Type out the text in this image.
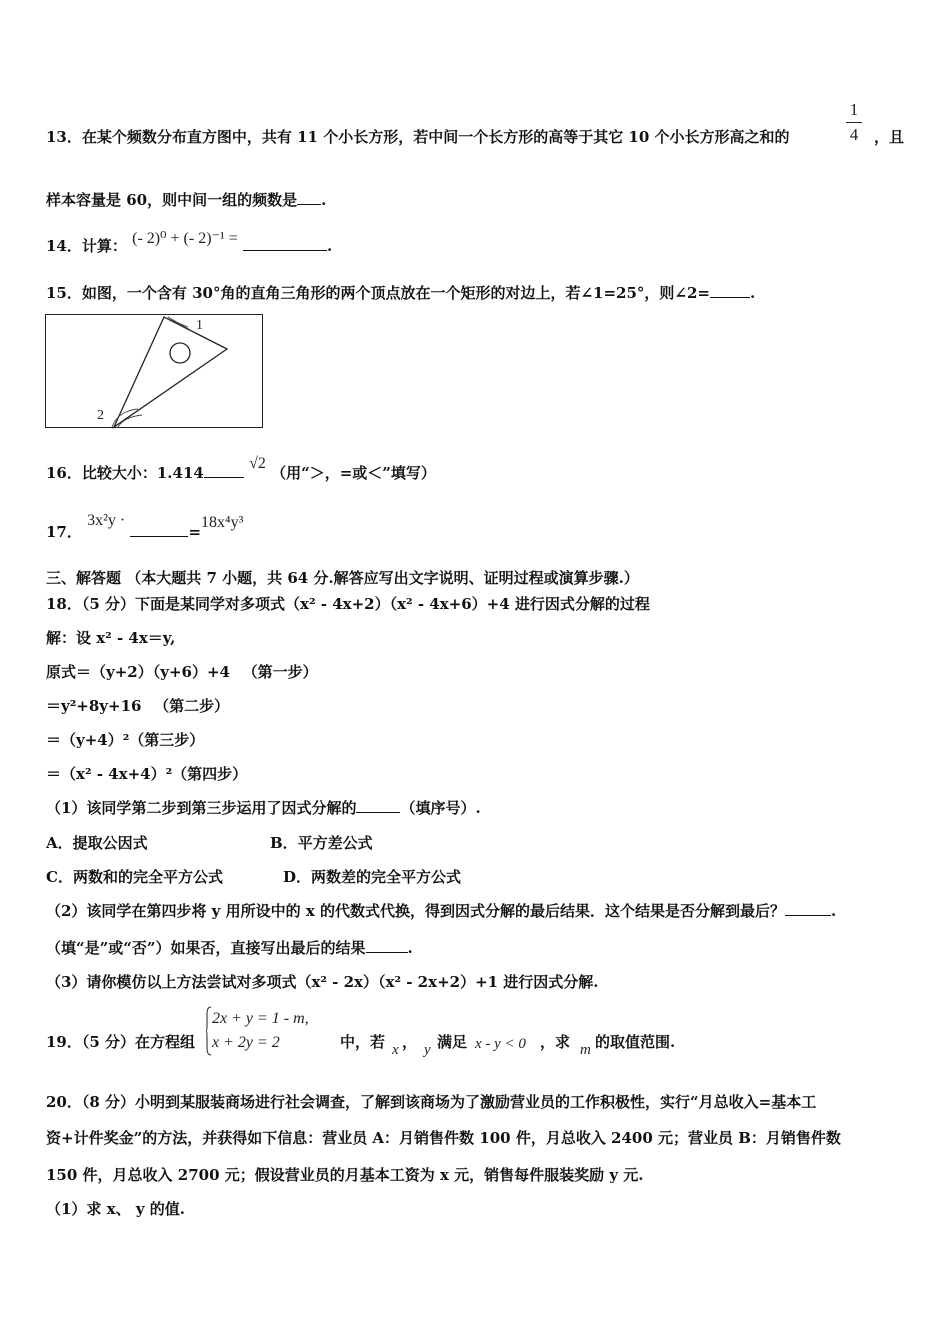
13．在某个频数分布直方图中，共有 11 个小长方形，若中间一个长方形的高等于其它 10 个小长方形高之和的

1
4 ，且

样本容量是 60，则中间一组的频数是 .

14．计算： (- 2)⁰ + (- 2)⁻¹ =	.

15．如图，一个含有 30°角的直角三角形的两个顶点放在一个矩形的对边上，若∠1=25°，则∠2=	.

1
2

16．比较大小：1.414 √2 （用“＞，=或＜”填写）

17． 3x²y · =18x⁴y³

三、解答题 （本大题共 7 小题，共 64 分.解答应写出文字说明、证明过程或演算步骤.）

18．（5 分）下面是某同学对多项式（x² - 4x+2）（x² - 4x+6）+4 进行因式分解的过程

解：设 x² - 4x＝y,

原式＝（y+2）（y+6）+4 　（第一步）

＝y²+8y+16 　（第二步）

＝（y+4）²（第三步）

＝（x² - 4x+4）²（第四步）

（1）该同学第二步到第三步运用了因式分解的	（填序号）.

A．提取公因式	B．平方差公式

C．两数和的完全平方公式	D．两数差的完全平方公式

（2）该同学在第四步将 y 用所设中的 x 的代数式代换，得到因式分解的最后结果．这个结果是否分解到最后？	.

（填“是”或“否”）如果否，直接写出最后的结果	.

（3）请你模仿以上方法尝试对多项式（x² - 2x）（x² - 2x+2）+1 进行因式分解.

19．（5 分）在方程组

2x + y = 1 - m,
x + 2y = 2	中，若 x ， y 满足 x - y < 0 ，求 m 的取值范围.

20．（8 分）小明到某服装商场进行社会调查，了解到该商场为了激励营业员的工作积极性，实行“月总收入=基本工

资+计件奖金”的方法，并获得如下信息：营业员 A：月销售件数 100 件，月总收入 2400 元；营业员 B：月销售件数

150 件，月总收入 2700 元；假设营业员的月基本工资为 x 元，销售每件服装奖励 y 元.

（1）求 x、 y 的值.
